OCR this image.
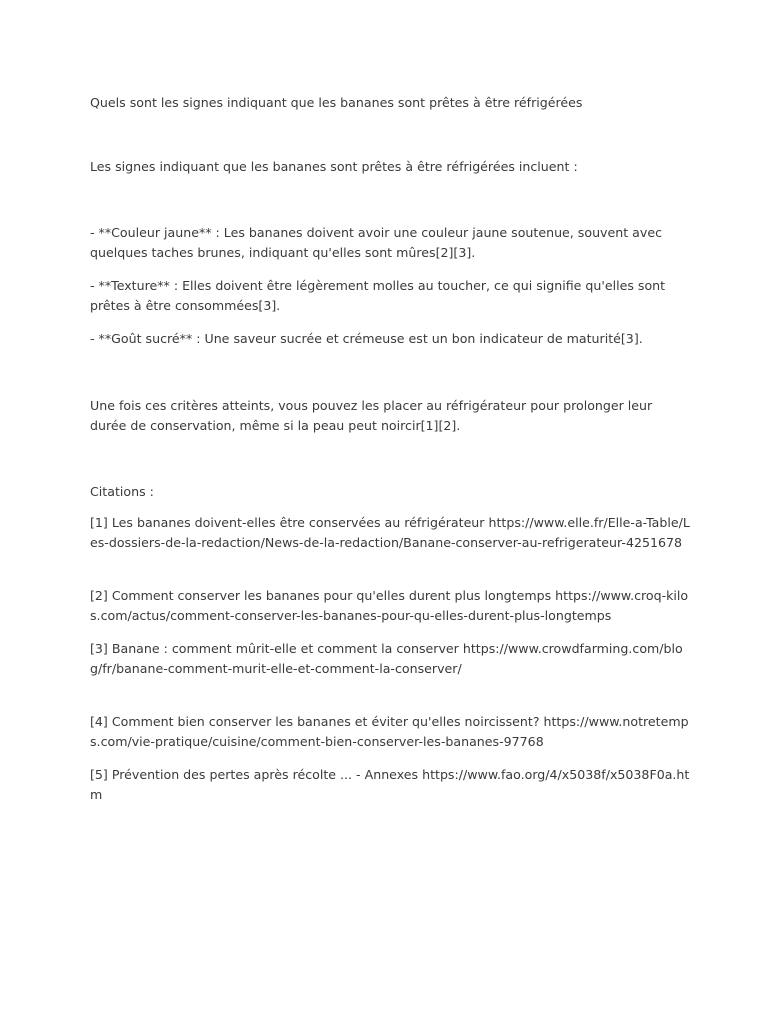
Quels sont les signes indiquant que les bananes sont prêtes à être réfrigérées

Les signes indiquant que les bananes sont prêtes à être réfrigérées incluent :

- **Couleur jaune** : Les bananes doivent avoir une couleur jaune soutenue, souvent avec quelques taches brunes, indiquant qu'elles sont mûres[2][3].

- **Texture** : Elles doivent être légèrement molles au toucher, ce qui signifie qu'elles sont prêtes à être consommées[3].

- **Goût sucré** : Une saveur sucrée et crémeuse est un bon indicateur de maturité[3].

Une fois ces critères atteints, vous pouvez les placer au réfrigérateur pour prolonger leur durée de conservation, même si la peau peut noircir[1][2].

Citations :

[1] Les bananes doivent-elles être conservées au réfrigérateur https://www.elle.fr/Elle-a-Table/Les-dossiers-de-la-redaction/News-de-la-redaction/Banane-conserver-au-refrigerateur-4251678

[2] Comment conserver les bananes pour qu'elles durent plus longtemps https://www.croq-kilos.com/actus/comment-conserver-les-bananes-pour-qu-elles-durent-plus-longtemps

[3] Banane : comment mûrit-elle et comment la conserver https://www.crowdfarming.com/blog/fr/banane-comment-murit-elle-et-comment-la-conserver/

[4] Comment bien conserver les bananes et éviter qu'elles noircissent? https://www.notretemps.com/vie-pratique/cuisine/comment-bien-conserver-les-bananes-97768

[5] Prévention des pertes après récolte ... - Annexes https://www.fao.org/4/x5038f/x5038F0a.htm
